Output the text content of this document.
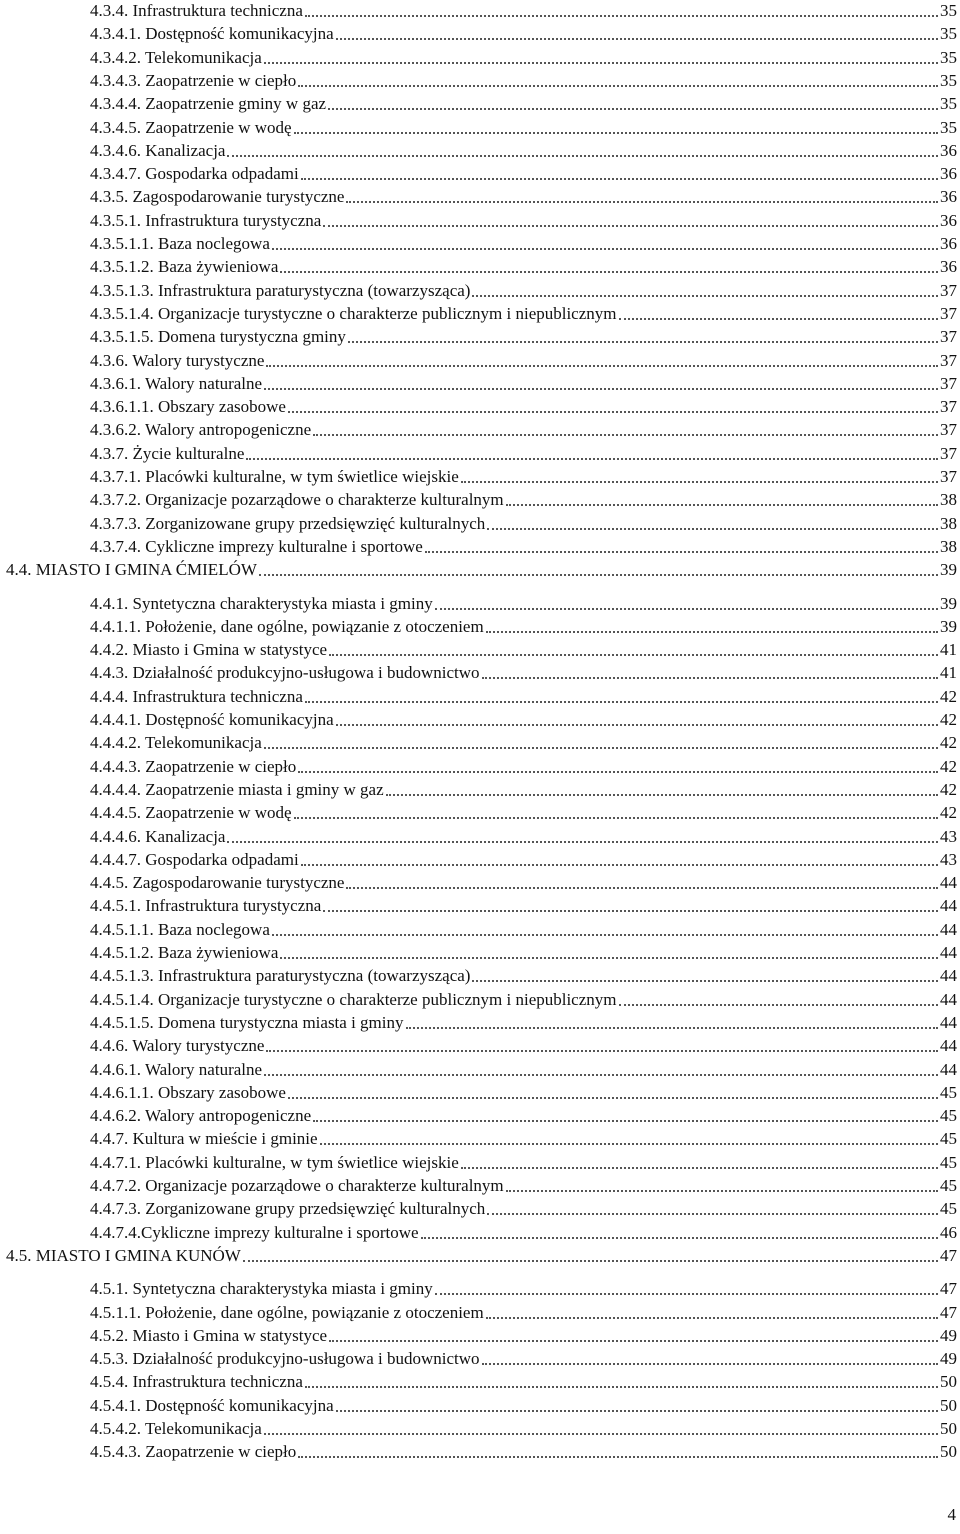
4.3.4. Infrastruktura techniczna	35
4.3.4.1. Dostępność komunikacyjna	35
4.3.4.2. Telekomunikacja	35
4.3.4.3. Zaopatrzenie w ciepło	35
4.3.4.4. Zaopatrzenie gminy w gaz	35
4.3.4.5. Zaopatrzenie w wodę	35
4.3.4.6. Kanalizacja	36
4.3.4.7. Gospodarka odpadami	36
4.3.5. Zagospodarowanie turystyczne	36
4.3.5.1. Infrastruktura turystyczna	36
4.3.5.1.1. Baza noclegowa	36
4.3.5.1.2. Baza żywieniowa	36
4.3.5.1.3. Infrastruktura paraturystyczna (towarzysząca)	37
4.3.5.1.4. Organizacje turystyczne o charakterze publicznym i niepublicznym	37
4.3.5.1.5. Domena turystyczna gminy	37
4.3.6. Walory turystyczne	37
4.3.6.1. Walory naturalne	37
4.3.6.1.1. Obszary zasobowe	37
4.3.6.2. Walory antropogeniczne	37
4.3.7. Życie kulturalne	37
4.3.7.1. Placówki kulturalne, w tym świetlice wiejskie	37
4.3.7.2. Organizacje pozarządowe o charakterze kulturalnym	38
4.3.7.3. Zorganizowane grupy przedsięwzięć kulturalnych	38
4.3.7.4. Cykliczne imprezy kulturalne i sportowe	38
4.4. MIASTO I GMINA ĆMIELÓW	39
4.4.1. Syntetyczna charakterystyka miasta i gminy	39
4.4.1.1. Położenie, dane ogólne, powiązanie z otoczeniem	39
4.4.2. Miasto i Gmina w statystyce	41
4.4.3. Działalność produkcyjno-usługowa i budownictwo	41
4.4.4. Infrastruktura techniczna	42
4.4.4.1. Dostępność komunikacyjna	42
4.4.4.2. Telekomunikacja	42
4.4.4.3. Zaopatrzenie w ciepło	42
4.4.4.4. Zaopatrzenie miasta i gminy w gaz	42
4.4.4.5. Zaopatrzenie w wodę	42
4.4.4.6. Kanalizacja	43
4.4.4.7. Gospodarka odpadami	43
4.4.5. Zagospodarowanie turystyczne	44
4.4.5.1. Infrastruktura turystyczna	44
4.4.5.1.1. Baza noclegowa	44
4.4.5.1.2. Baza żywieniowa	44
4.4.5.1.3. Infrastruktura paraturystyczna (towarzysząca)	44
4.4.5.1.4. Organizacje turystyczne o charakterze publicznym i niepublicznym	44
4.4.5.1.5. Domena turystyczna miasta i gminy	44
4.4.6. Walory turystyczne	44
4.4.6.1. Walory naturalne	44
4.4.6.1.1. Obszary zasobowe	45
4.4.6.2. Walory antropogeniczne	45
4.4.7. Kultura w mieście i gminie	45
4.4.7.1. Placówki kulturalne, w tym świetlice wiejskie	45
4.4.7.2. Organizacje pozarządowe o charakterze kulturalnym	45
4.4.7.3. Zorganizowane grupy przedsięwzięć kulturalnych	45
4.4.7.4.Cykliczne imprezy kulturalne i sportowe	46
4.5. MIASTO I GMINA KUNÓW	47
4.5.1. Syntetyczna charakterystyka miasta i gminy	47
4.5.1.1. Położenie, dane ogólne, powiązanie z otoczeniem	47
4.5.2. Miasto i Gmina w statystyce	49
4.5.3. Działalność produkcyjno-usługowa i budownictwo	49
4.5.4. Infrastruktura techniczna	50
4.5.4.1. Dostępność komunikacyjna	50
4.5.4.2. Telekomunikacja	50
4.5.4.3. Zaopatrzenie w ciepło	50
4
